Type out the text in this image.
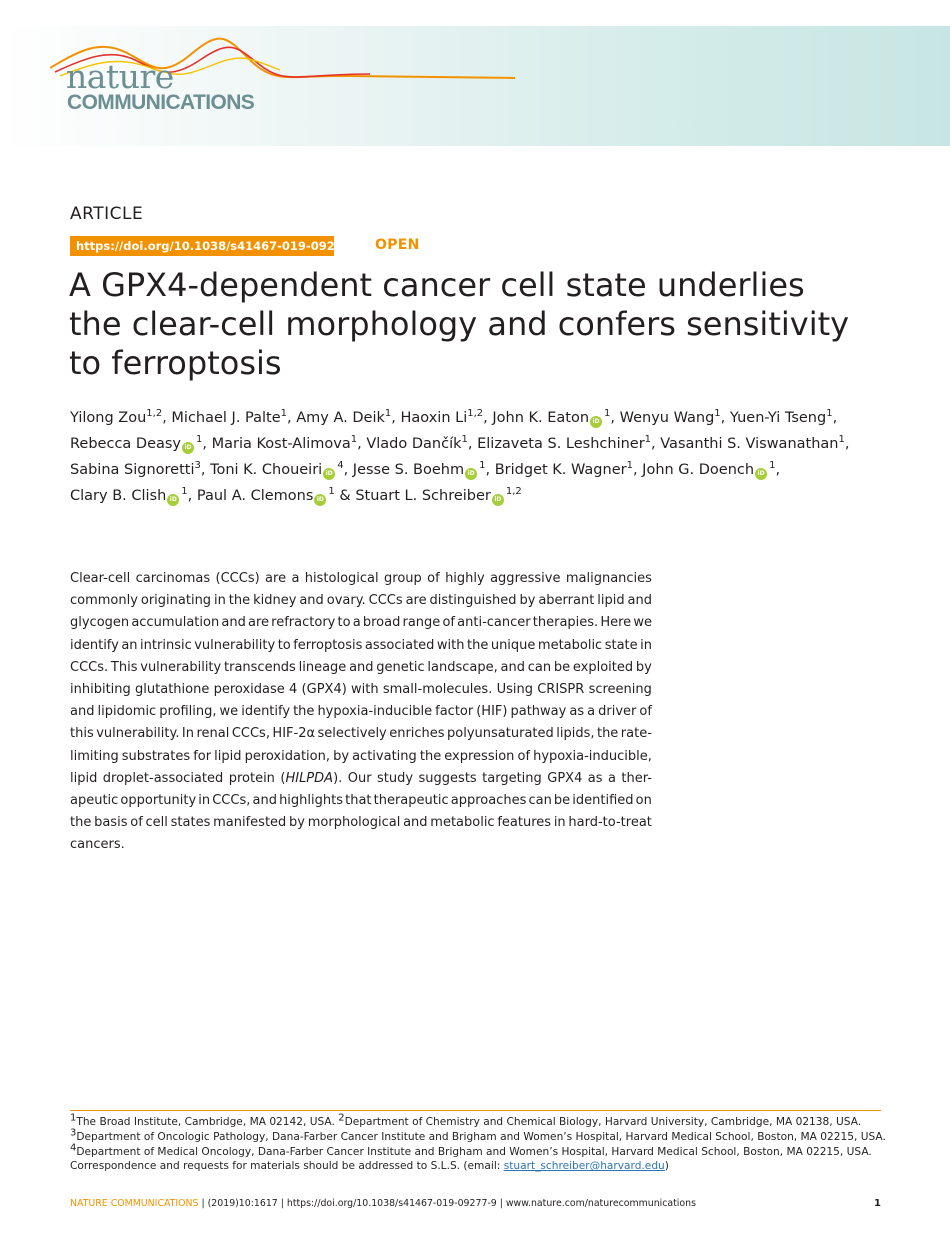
nature
COMMUNICATIONS
ARTICLE
https://doi.org/10.1038/s41467-019-09277-9 OPEN
A GPX4-dependent cancer cell state underlies
the clear-cell morphology and confers sensitivity
to ferroptosis
Yilong Zou$^{1,2}$, Michael J. Palte$^1$, Amy A. Deik$^1$, Haoxin Li$^{1,2}$, John K. Eaton $iD^1$, Wenyu Wang$^1$, Yuen-Yi Tseng$^1$,
Rebecca Deasy $iD^1$, Maria Kost-Alimova$^1$, Vlado Dančík$^1$, Elizaveta S. Leshchiner$^1$, Vasanthi S. Viswanathan$^1$,
Sabina Signoretti$^3$, Toni K. Choueiri $iD^4$, Jesse S. Boehm $iD^1$, Bridget K. Wagner$^1$, John G. Doench $iD^1$,
Clary B. Clish $iD^1$, Paul A. Clemons $iD^1$ & Stuart L. Schreiber iD$^{1,2}$
Clear-cell carcinomas (CCCs) are a histological group of highly aggressive malignancies
commonly originating in the kidney and ovary. CCCs are distinguished by aberrant lipid and
glycogen accumulation and are refractory to a broad range of anti-cancer therapies. Here we
identify an intrinsic vulnerability to ferroptosis associated with the unique metabolic state in
CCCs. This vulnerability transcends lineage and genetic landscape, and can be exploited by
inhibiting glutathione peroxidase 4 (GPX4) with small-molecules. Using CRISPR screening
and lipidomic profiling, we identify the hypoxia-inducible factor (HIF) pathway as a driver of
this vulnerability. In renal CCCs, HIF-2α selectively enriches polyunsaturated lipids, the rate-
limiting substrates for lipid peroxidation, by activating the expression of hypoxia-inducible,
lipid droplet-associated protein (HILPDA). Our study suggests targeting GPX4 as a ther-
apeutic opportunity in CCCs, and highlights that therapeutic approaches can be identified on
the basis of cell states manifested by morphological and metabolic features in hard-to-treat
cancers.
$^1$The Broad Institute, Cambridge, MA 02142, USA. $^2$Department of Chemistry and Chemical Biology, Harvard University, Cambridge, MA 02138, USA.
$^3$Department of Oncologic Pathology, Dana-Farber Cancer Institute and Brigham and Women’s Hospital, Harvard Medical School, Boston, MA 02215, USA.
$^4$Department of Medical Oncology, Dana-Farber Cancer Institute and Brigham and Women’s Hospital, Harvard Medical School, Boston, MA 02215, USA.
Correspondence and requests for materials should be addressed to S.L.S. (email: stuart_schreiber@harvard.edu)
NATURE COMMUNICATIONS | (2019)10:1617 | https://doi.org/10.1038/s41467-019-09277-9 | www.nature.com/naturecommunications	1
